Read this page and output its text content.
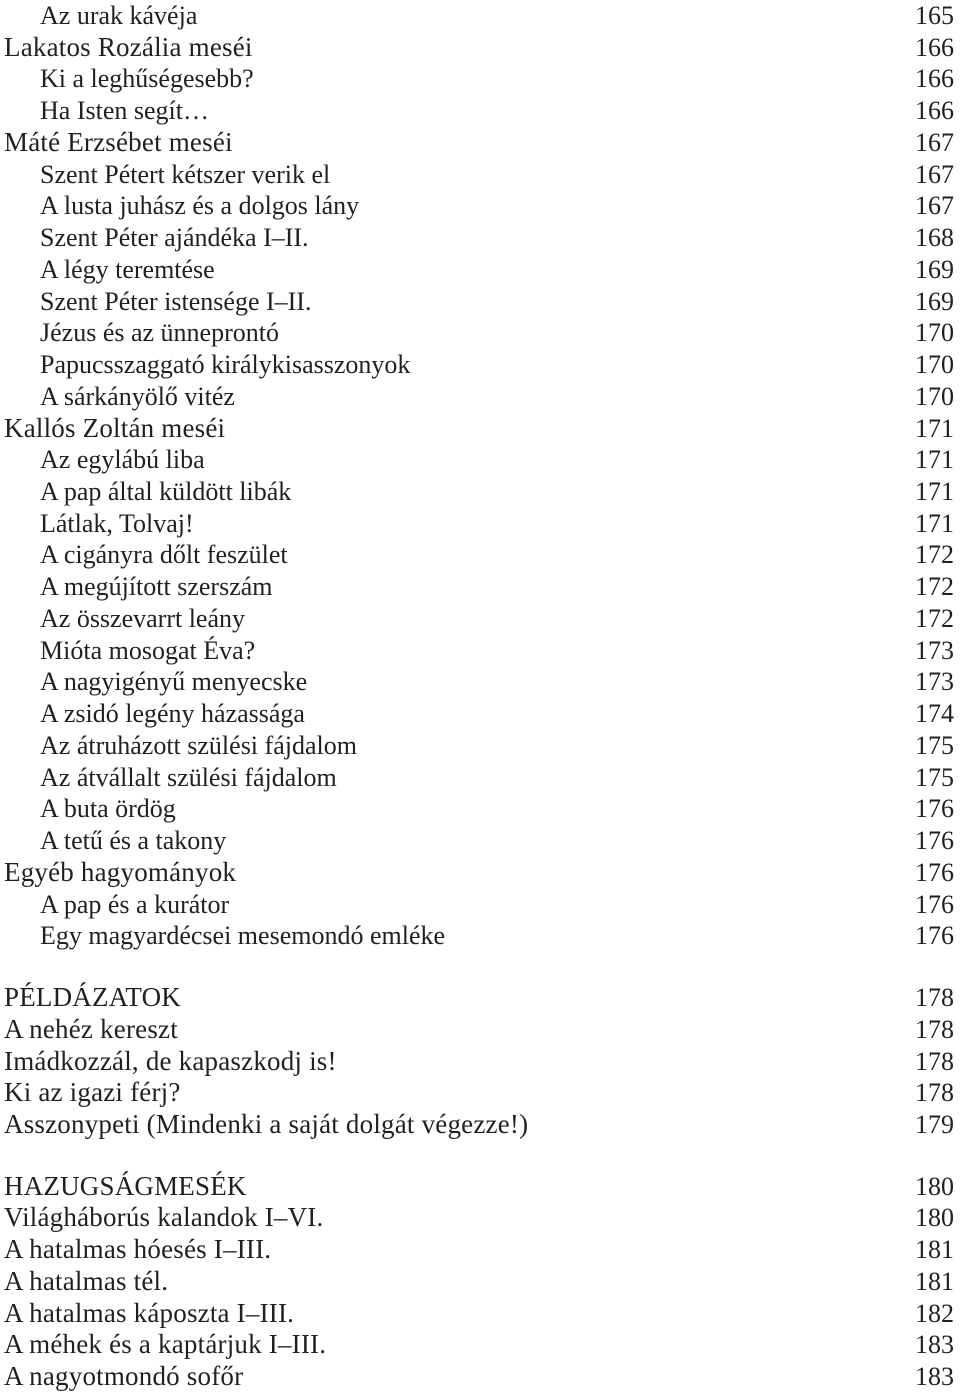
Az urak kávéja	165
Lakatos Rozália meséi	166
Ki a leghűségesebb?	166
Ha Isten segít…	166
Máté Erzsébet meséi	167
Szent Pétert kétszer verik el	167
A lusta juhász és a dolgos lány	167
Szent Péter ajándéka I–II.	168
A légy teremtése	169
Szent Péter istensége I–II.	169
Jézus és az ünneprontó	170
Papucsszaggató királykisasszonyok	170
A sárkányölő vitéz	170
Kallós Zoltán meséi	171
Az egylábú liba	171
A pap által küldött libák	171
Látlak, Tolvaj!	171
A cigányra dőlt feszület	172
A megújított szerszám	172
Az összevarrt leány	172
Mióta mosogat Éva?	173
A nagyigényű menyecske	173
A zsidó legény házassága	174
Az átruházott szülési fájdalom	175
Az átvállalt szülési fájdalom	175
A buta ördög	176
A tetű és a takony	176
Egyéb hagyományok	176
A pap és a kurátor	176
Egy magyardécsei mesemondó emléke	176
PÉLDÁZATOK	178
A nehéz kereszt	178
Imádkozzál, de kapaszkodj is!	178
Ki az igazi férj?	178
Asszonypeti (Mindenki a saját dolgát végezze!)	179
HAZUGSÁGMESÉK	180
Világháborús kalandok I–VI.	180
A hatalmas hóesés I–III.	181
A hatalmas tél.	181
A hatalmas káposzta I–III.	182
A méhek és a kaptárjuk I–III.	183
A nagyotmondó sofőr	183
